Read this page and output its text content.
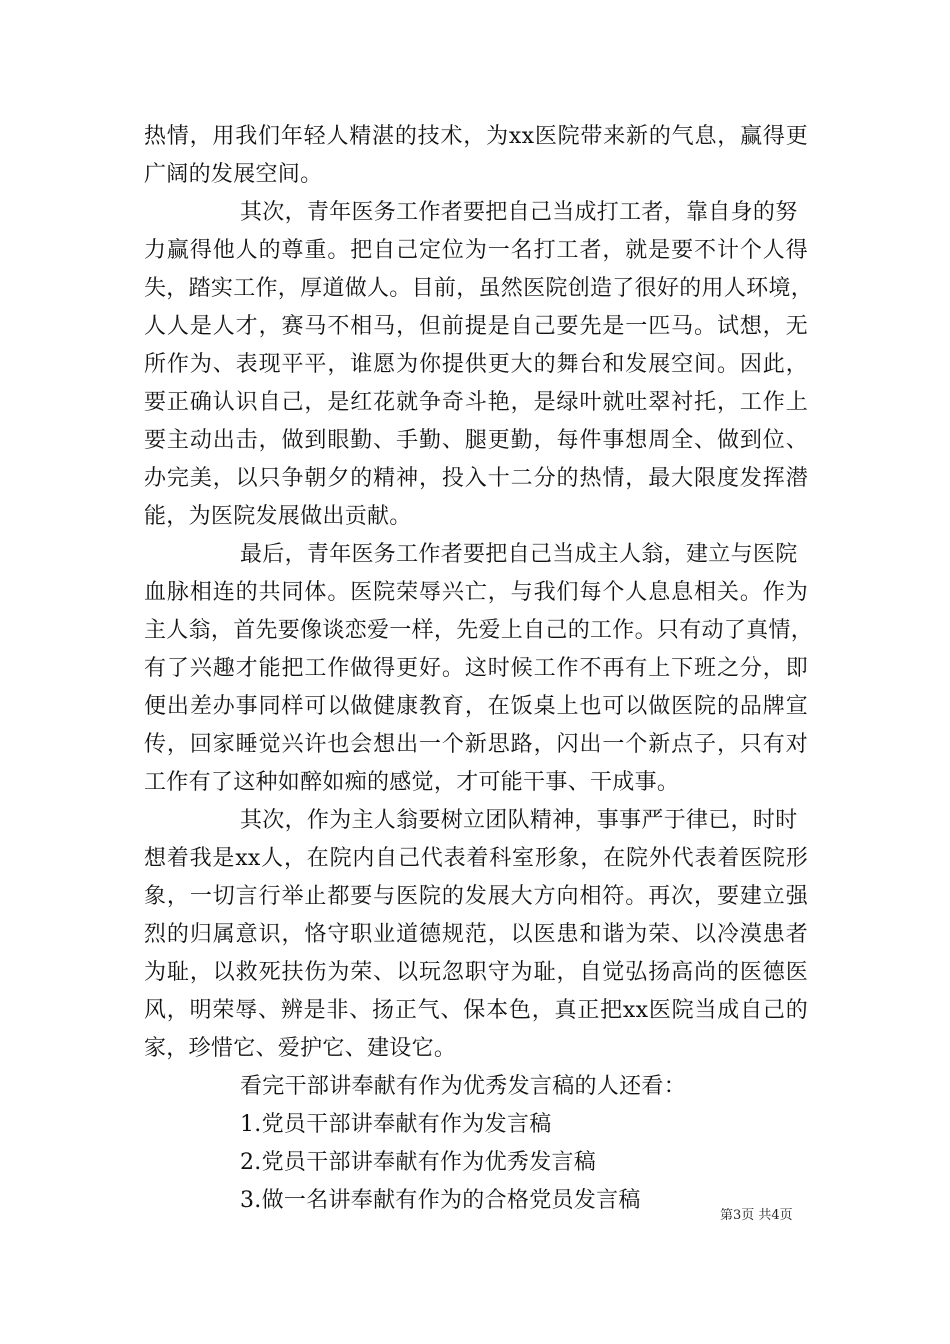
热情，用我们年轻人精湛的技术，为xx医院带来新的气息，赢得更
广阔的发展空间。
其次，青年医务工作者要把自己当成打工者，靠自身的努
力赢得他人的尊重。把自己定位为一名打工者，就是要不计个人得
失，踏实工作，厚道做人。目前，虽然医院创造了很好的用人环境，
人人是人才，赛马不相马，但前提是自己要先是一匹马。试想，无
所作为、表现平平，谁愿为你提供更大的舞台和发展空间。因此，
要正确认识自己，是红花就争奇斗艳，是绿叶就吐翠衬托，工作上
要主动出击，做到眼勤、手勤、腿更勤，每件事想周全、做到位、
办完美，以只争朝夕的精神，投入十二分的热情，最大限度发挥潜
能，为医院发展做出贡献。
最后，青年医务工作者要把自己当成主人翁，建立与医院
血脉相连的共同体。医院荣辱兴亡，与我们每个人息息相关。作为
主人翁，首先要像谈恋爱一样，先爱上自己的工作。只有动了真情，
有了兴趣才能把工作做得更好。这时候工作不再有上下班之分，即
便出差办事同样可以做健康教育，在饭桌上也可以做医院的品牌宣
传，回家睡觉兴许也会想出一个新思路，闪出一个新点子，只有对
工作有了这种如醉如痴的感觉，才可能干事、干成事。
其次，作为主人翁要树立团队精神，事事严于律已，时时
想着我是xx人，在院内自己代表着科室形象，在院外代表着医院形
象，一切言行举止都要与医院的发展大方向相符。再次，要建立强
烈的归属意识，恪守职业道德规范，以医患和谐为荣、以冷漠患者
为耻，以救死扶伤为荣、以玩忽职守为耻，自觉弘扬高尚的医德医
风，明荣辱、辨是非、扬正气、保本色，真正把xx医院当成自己的
家，珍惜它、爱护它、建设它。
看完干部讲奉献有作为优秀发言稿的人还看：
1.党员干部讲奉献有作为发言稿
2.党员干部讲奉献有作为优秀发言稿
3.做一名讲奉献有作为的合格党员发言稿
第3页 共4页
